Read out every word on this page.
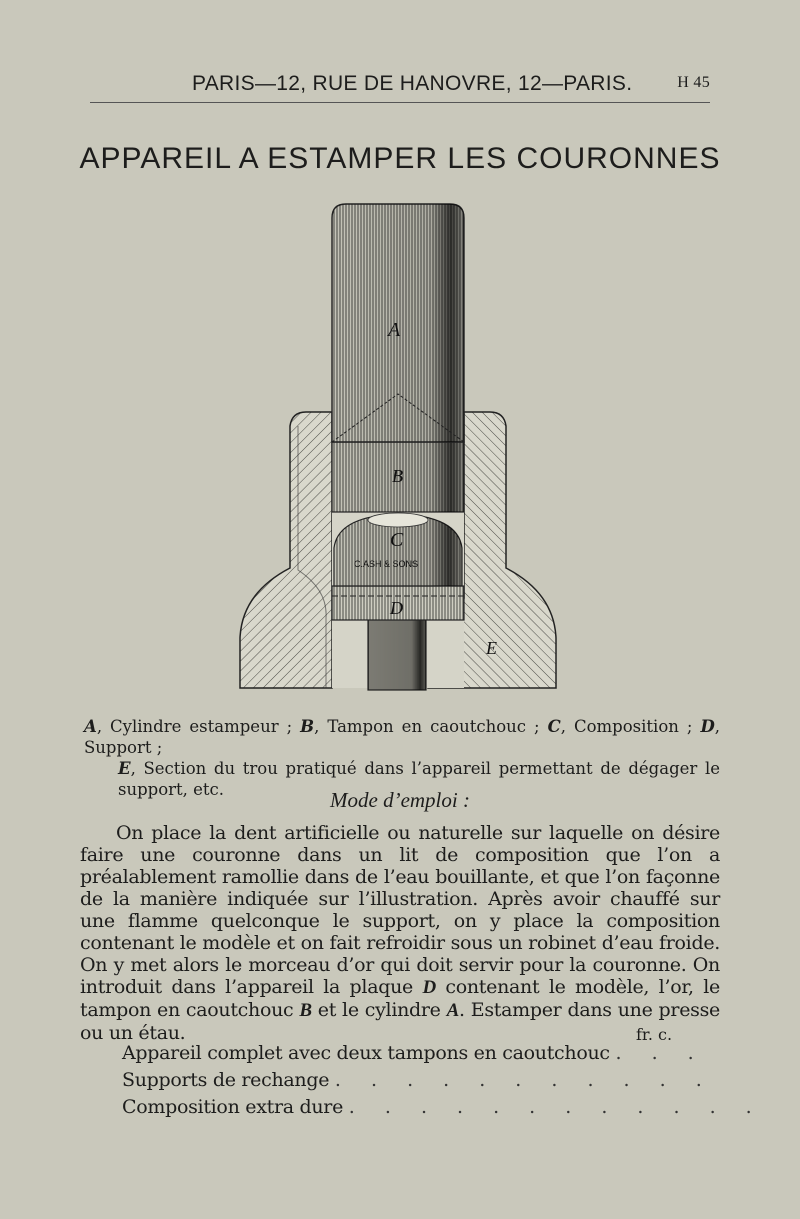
PARIS—12, RUE DE HANOVRE, 12—PARIS.	H 45
APPAREIL A ESTAMPER LES COURONNES
A
B
C
C.ASH & SONS
D
E
A, Cylindre estampeur ; B, Tampon en caoutchouc ; C, Composition ; D, Support ;
E, Section du trou pratiqué dans l’appareil permettant de dégager le support, etc.	Mode d’emploi :

On place la dent artificielle ou naturelle sur laquelle on désire faire une couronne dans un lit de composition que l’on a préalablement ramollie dans de l’eau bouillante, et que l’on façonne de la manière indiquée sur l’illustration. Après avoir chauffé sur une flamme quelconque le support, on y place la composition contenant le modèle et on fait refroidir sous un robinet d’eau froide. On y met alors le morceau d’or qui doit servir pour la couronne. On introduit dans l’appareil la plaque D contenant le modèle, l’or, le tampon en caoutchouc B et le cylindre A. Estamper dans une presse ou un étau.	fr. c.
Appareil complet avec deux tampons en caoutchouc . . .
Supports de rechange . . . . . . . . . . .
Composition extra dure . . . . . . . . . . . .
